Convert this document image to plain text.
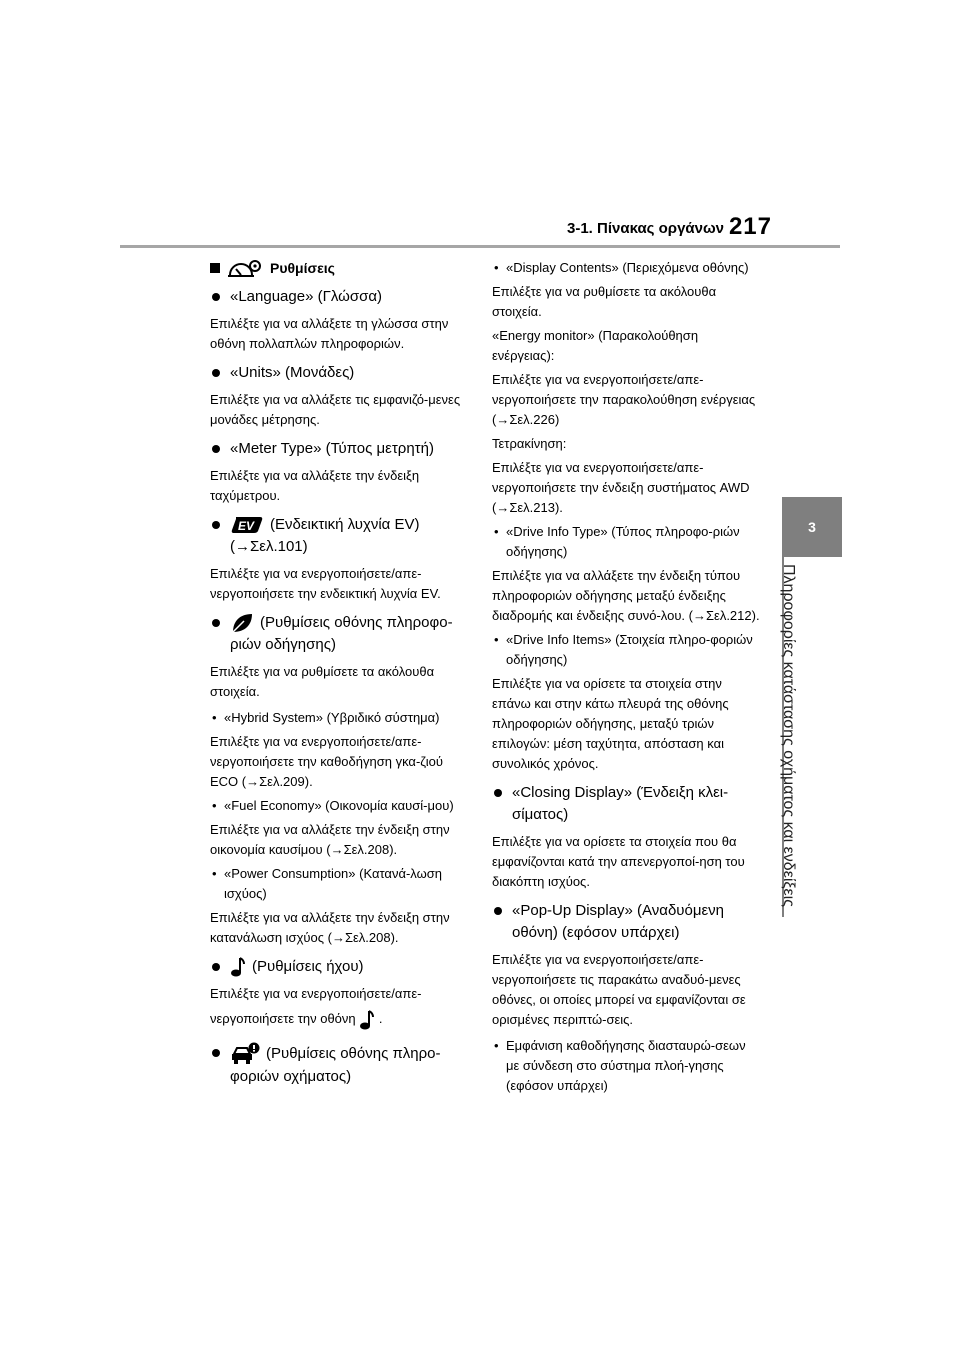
3-1. Πίνακας οργάνων 217
3
Πληροφορίες κατάστασης οχήματος και ενδείξεις
Ρυθμίσεις
«Language» (Γλώσσα)

Επιλέξτε για να αλλάξετε τη γλώσσα στην οθόνη πολλαπλών πληροφοριών.

«Units» (Μονάδες)

Επιλέξτε για να αλλάξετε τις εμφανιζό-μενες μονάδες μέτρησης.

«Meter Type» (Τύπος μετρητή)

Επιλέξτε για να αλλάξετε την ένδειξη ταχύμετρου.

EV (Ενδεικτική λυχνία EV) (→Σελ.101)

Επιλέξτε για να ενεργοποιήσετε/απε-νεργοποιήσετε την ενδεικτική λυχνία EV.

(Ρυθμίσεις οθόνης πληροφο-ριών οδήγησης)

Επιλέξτε για να ρυθμίσετε τα ακόλουθα στοιχεία.

• «Hybrid System» (Υβριδικό σύστημα)

Επιλέξτε για να ενεργοποιήσετε/απε-νεργοποιήσετε την καθοδήγηση γκα-ζιού ECO (→Σελ.209).

• «Fuel Economy» (Οικονομία καυσί-μου)

Επιλέξτε για να αλλάξετε την ένδειξη στην οικονομία καυσίμου (→Σελ.208).

• «Power Consumption» (Κατανά-λωση ισχύος)

Επιλέξτε για να αλλάξετε την ένδειξη στην κατανάλωση ισχύος (→Σελ.208).

(Ρυθμίσεις ήχου)

Επιλέξτε για να ενεργοποιήσετε/απε-
νεργοποιήσετε την οθόνη .

(Ρυθμίσεις οθόνης πληρο-φοριών οχήματος)
• «Display Contents» (Περιεχόμενα οθόνης)

Επιλέξτε για να ρυθμίσετε τα ακόλουθα στοιχεία.

«Energy monitor» (Παρακολούθηση ενέργειας):

Επιλέξτε για να ενεργοποιήσετε/απε-νεργοποιήσετε την παρακολούθηση ενέργειας (→Σελ.226)

Τετρακίνηση:

Επιλέξτε για να ενεργοποιήσετε/απε-νεργοποιήσετε την ένδειξη συστήματος AWD (→Σελ.213).

• «Drive Info Type» (Τύπος πληροφο-ριών οδήγησης)

Επιλέξτε για να αλλάξετε την ένδειξη τύπου πληροφοριών οδήγησης μεταξύ ένδειξης διαδρομής και ένδειξης συνό-λου. (→Σελ.212).

• «Drive Info Items» (Στοιχεία πληρο-φοριών οδήγησης)

Επιλέξτε για να ορίσετε τα στοιχεία στην επάνω και στην κάτω πλευρά της οθόνης πληροφοριών οδήγησης, μεταξύ τριών επιλογών: μέση ταχύτητα, απόσταση και συνολικός χρόνος.

«Closing Display» (Ένδειξη κλει-σίματος)

Επιλέξτε για να ορίσετε τα στοιχεία που θα εμφανίζονται κατά την απενεργοποί-ηση του διακόπτη ισχύος.

«Pop-Up Display» (Αναδυόμενη οθόνη) (εφόσον υπάρχει)

Επιλέξτε για να ενεργοποιήσετε/απε-νεργοποιήσετε τις παρακάτω αναδυό-μενες οθόνες, οι οποίες μπορεί να εμφανίζονται σε ορισμένες περιπτώ-σεις.

• Εμφάνιση καθοδήγησης διασταυρώ-σεων με σύνδεση στο σύστημα πλοή-γησης (εφόσον υπάρχει)
